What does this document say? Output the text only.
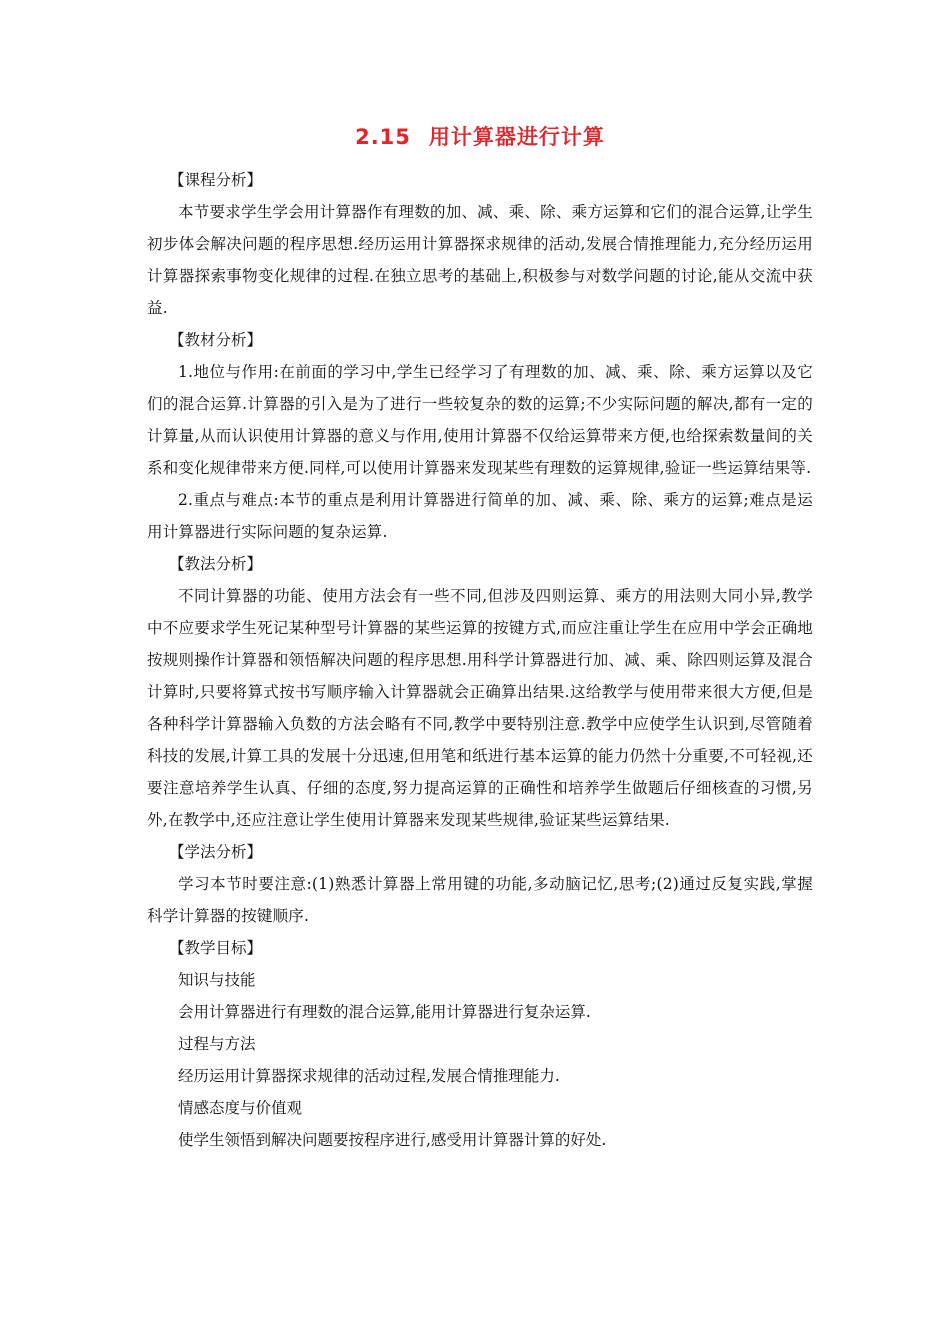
2.15 用计算器进行计算

【课程分析】

本节要求学生学会用计算器作有理数的加、减、乘、除、乘方运算和它们的混合运算,让学生初步体会解决问题的程序思想.经历运用计算器探求规律的活动,发展合情推理能力,充分经历运用计算器探索事物变化规律的过程.在独立思考的基础上,积极参与对数学问题的讨论,能从交流中获益.

【教材分析】

1.地位与作用:在前面的学习中,学生已经学习了有理数的加、减、乘、除、乘方运算以及它们的混合运算.计算器的引入是为了进行一些较复杂的数的运算;不少实际问题的解决,都有一定的计算量,从而认识使用计算器的意义与作用,使用计算器不仅给运算带来方便,也给探索数量间的关系和变化规律带来方便.同样,可以使用计算器来发现某些有理数的运算规律,验证一些运算结果等.

2.重点与难点:本节的重点是利用计算器进行简单的加、减、乘、除、乘方的运算;难点是运用计算器进行实际问题的复杂运算.

【教法分析】

不同计算器的功能、使用方法会有一些不同,但涉及四则运算、乘方的用法则大同小异,教学中不应要求学生死记某种型号计算器的某些运算的按键方式,而应注重让学生在应用中学会正确地按规则操作计算器和领悟解决问题的程序思想.用科学计算器进行加、减、乘、除四则运算及混合计算时,只要将算式按书写顺序输入计算器就会正确算出结果.这给教学与使用带来很大方便,但是各种科学计算器输入负数的方法会略有不同,教学中要特别注意.教学中应使学生认识到,尽管随着科技的发展,计算工具的发展十分迅速,但用笔和纸进行基本运算的能力仍然十分重要,不可轻视,还要注意培养学生认真、仔细的态度,努力提高运算的正确性和培养学生做题后仔细核查的习惯,另外,在教学中,还应注意让学生使用计算器来发现某些规律,验证某些运算结果.

【学法分析】

学习本节时要注意:(1)熟悉计算器上常用键的功能,多动脑记忆,思考;(2)通过反复实践,掌握科学计算器的按键顺序.

【教学目标】

知识与技能

会用计算器进行有理数的混合运算,能用计算器进行复杂运算.

过程与方法

经历运用计算器探求规律的活动过程,发展合情推理能力.

情感态度与价值观

使学生领悟到解决问题要按程序进行,感受用计算器计算的好处.
